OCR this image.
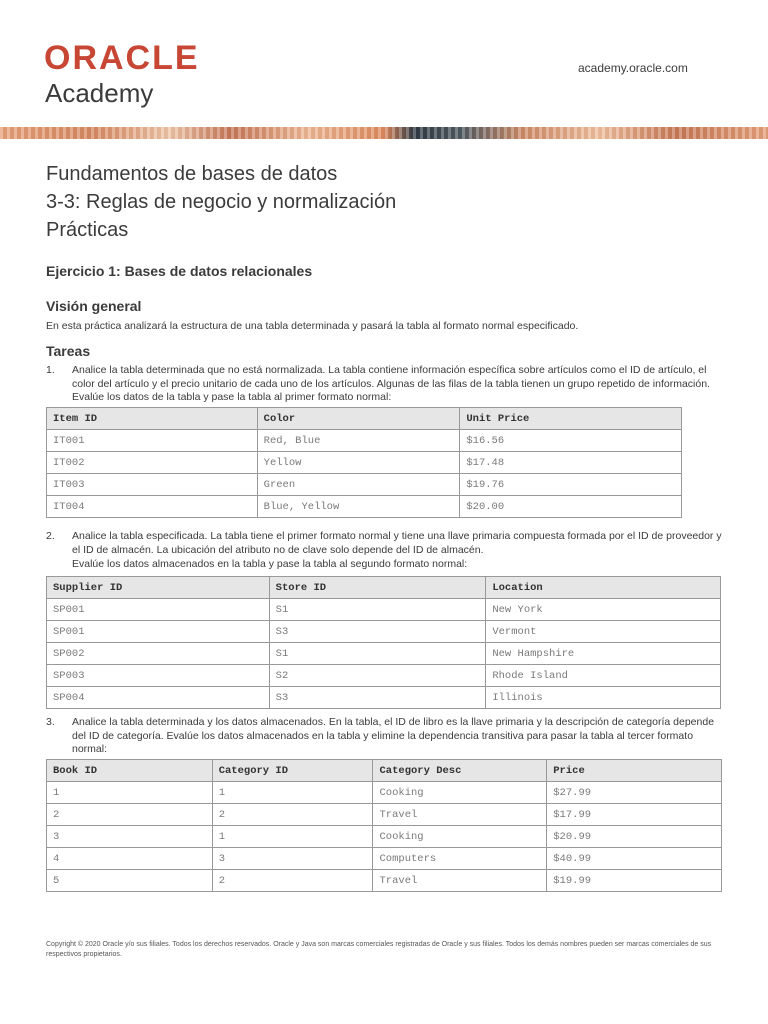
ORACLE
Academy
academy.oracle.com
Fundamentos de bases de datos
3-3: Reglas de negocio y normalización
Prácticas
Ejercicio 1: Bases de datos relacionales
Visión general
En esta práctica analizará la estructura de una tabla determinada y pasará la tabla al formato normal especificado.
Tareas
1. Analice la tabla determinada que no está normalizada. La tabla contiene información específica sobre artículos como el ID de artículo, el color del artículo y el precio unitario de cada uno de los artículos. Algunas de las filas de la tabla tienen un grupo repetido de información. Evalúe los datos de la tabla y pase la tabla al primer formato normal:
Item ID	Color	Unit Price
IT001	Red, Blue	$16.56
IT002	Yellow	$17.48
IT003	Green	$19.76
IT004	Blue, Yellow	$20.00
2. Analice la tabla especificada. La tabla tiene el primer formato normal y tiene una llave primaria compuesta formada por el ID de proveedor y el ID de almacén. La ubicación del atributo no de clave solo depende del ID de almacén.
Evalúe los datos almacenados en la tabla y pase la tabla al segundo formato normal:
Supplier ID	Store ID	Location
SP001	S1	New York
SP001	S3	Vermont
SP002	S1	New Hampshire
SP003	S2	Rhode Island
SP004	S3	Illinois
3. Analice la tabla determinada y los datos almacenados. En la tabla, el ID de libro es la llave primaria y la descripción de categoría depende del ID de categoría. Evalúe los datos almacenados en la tabla y elimine la dependencia transitiva para pasar la tabla al tercer formato normal:
Book ID	Category ID	Category Desc	Price
1	1	Cooking	$27.99
2	2	Travel	$17.99
3	1	Cooking	$20.99
4	3	Computers	$40.99
5	2	Travel	$19.99
Copyright © 2020 Oracle y/o sus filiales. Todos los derechos reservados. Oracle y Java son marcas comerciales registradas de Oracle y sus filiales. Todos los demás nombres pueden ser marcas comerciales de sus respectivos propietarios.
